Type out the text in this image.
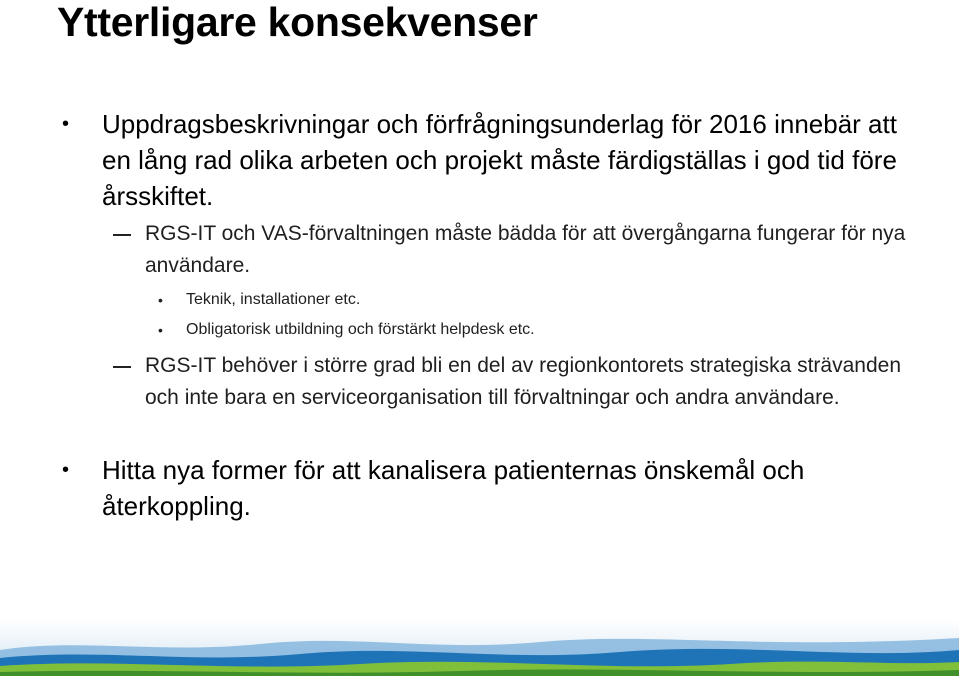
Ytterligare konsekvenser
• Uppdragsbeskrivningar och förfrågningsunderlag för 2016 innebär att en lång rad olika arbeten och projekt måste färdigställas i god tid före årsskiftet.
RGS-IT och VAS-förvaltningen måste bädda för att övergångarna fungerar för nya användare.
• Teknik, installationer etc.
• Obligatorisk utbildning och förstärkt helpdesk etc.
RGS-IT behöver i större grad bli en del av regionkontorets strategiska strävanden och inte bara en serviceorganisation till förvaltningar och andra användare.
• Hitta nya former för att kanalisera patienternas önskemål och återkoppling.
